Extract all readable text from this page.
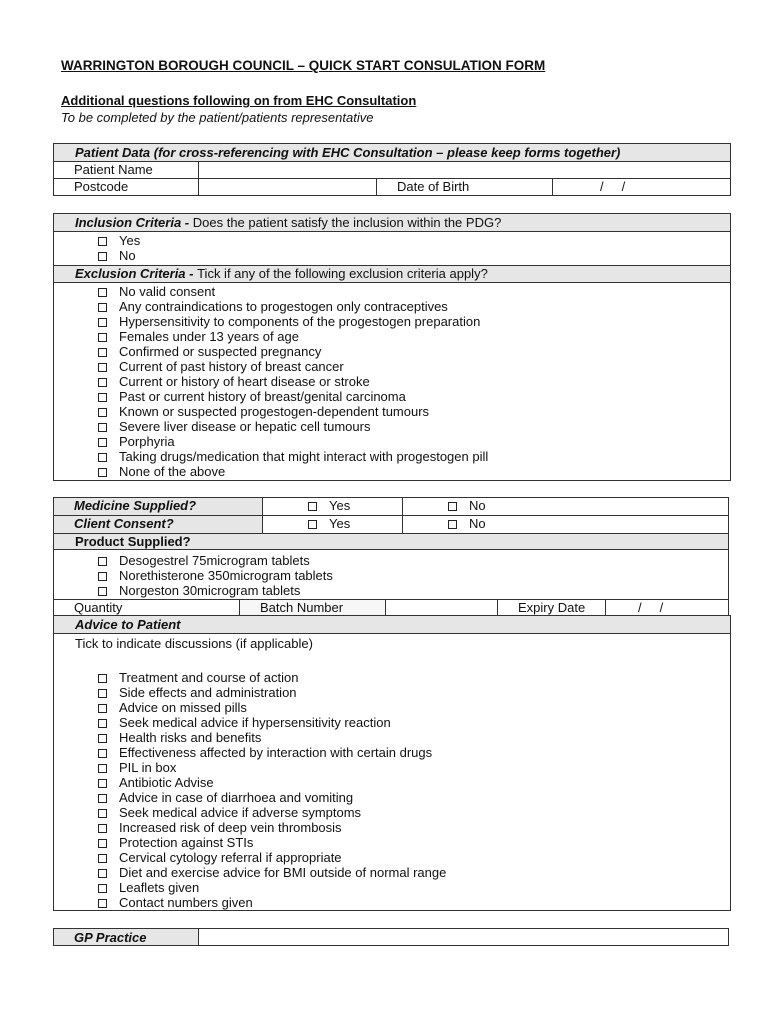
WARRINGTON BOROUGH COUNCIL – QUICK START CONSULATION FORM
Additional questions following on from EHC Consultation
To be completed by the patient/patients representative
Patient Data (for cross-referencing with EHC Consultation – please keep forms together)
Patient Name
Postcode	Date of Birth	/     /
Inclusion Criteria - Does the patient satisfy the inclusion within the PDG?
Yes
No
Exclusion Criteria - Tick if any of the following exclusion criteria apply?
No valid consent
Any contraindications to progestogen only contraceptives
Hypersensitivity to components of the progestogen preparation
Females under 13 years of age
Confirmed or suspected pregnancy
Current of past history of breast cancer
Current or history of heart disease or stroke
Past or current history of breast/genital carcinoma
Known or suspected progestogen-dependent tumours
Severe liver disease or hepatic cell tumours
Porphyria
Taking drugs/medication that might interact with progestogen pill
None of the above
Medicine Supplied?	Yes	No
Client Consent?	Yes	No
Product Supplied?
Desogestrel 75microgram tablets
Norethisterone 350microgram tablets
Norgeston 30microgram tablets
Quantity	Batch Number	Expiry Date	/     /
Advice to Patient
Tick to indicate discussions (if applicable)
Treatment and course of action
Side effects and administration
Advice on missed pills
Seek medical advice if hypersensitivity reaction
Health risks and benefits
Effectiveness affected by interaction with certain drugs
PIL in box
Antibiotic Advise
Advice in case of diarrhoea and vomiting
Seek medical advice if adverse symptoms
Increased risk of deep vein thrombosis
Protection against STIs
Cervical cytology referral if appropriate
Diet and exercise advice for BMI outside of normal range
Leaflets given
Contact numbers given
GP Practice
